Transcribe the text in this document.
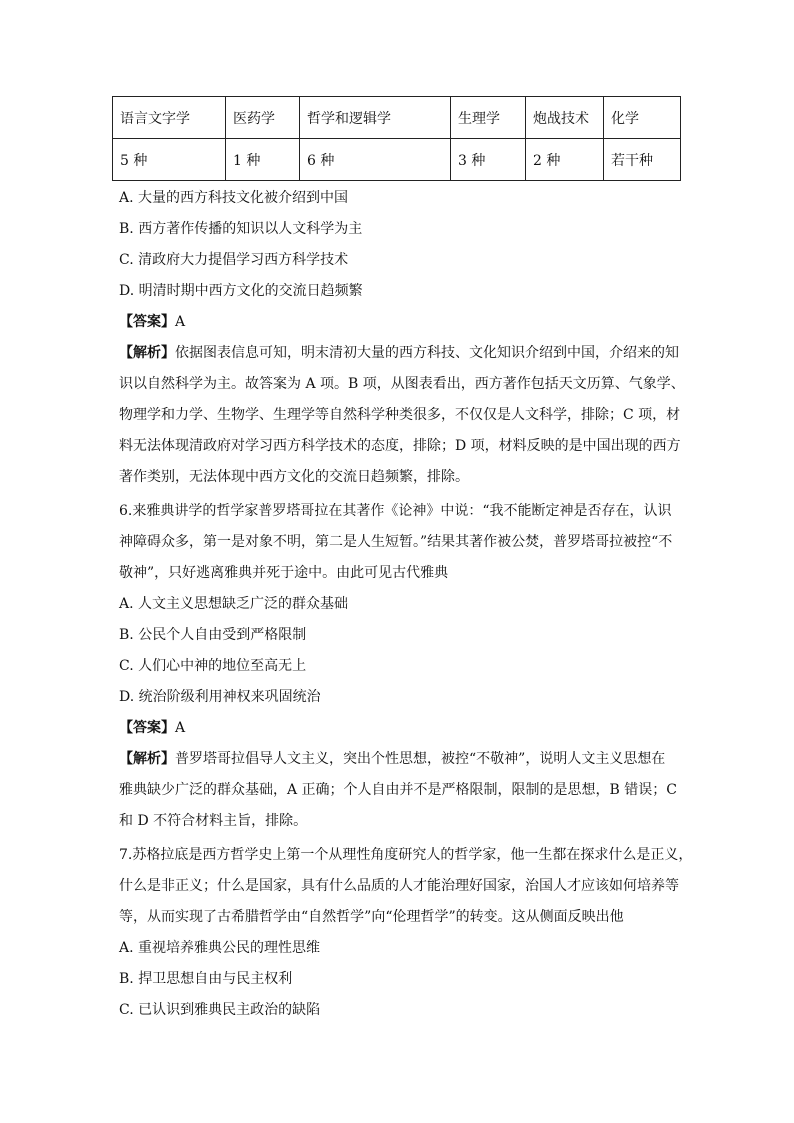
语言文字学	医药学	哲学和逻辑学	生理学	炮战技术	化学
5 种	1 种	6 种	3 种	2 种	若干种
A. 大量的西方科技文化被介绍到中国
B. 西方著作传播的知识以人文科学为主
C. 清政府大力提倡学习西方科学技术
D. 明清时期中西方文化的交流日趋频繁
【答案】A
【解析】依据图表信息可知，明末清初大量的西方科技、文化知识介绍到中国，介绍来的知
识以自然科学为主。故答案为 A 项。B 项，从图表看出，西方著作包括天文历算、气象学、
物理学和力学、生物学、生理学等自然科学种类很多，不仅仅是人文科学，排除；C 项，材
料无法体现清政府对学习西方科学技术的态度，排除；D 项，材料反映的是中国出现的西方
著作类别，无法体现中西方文化的交流日趋频繁，排除。
6.来雅典讲学的哲学家普罗塔哥拉在其著作《论神》中说：“我不能断定神是否存在，认识
神障碍众多，第一是对象不明，第二是人生短暂。”结果其著作被公焚，普罗塔哥拉被控“不
敬神”，只好逃离雅典并死于途中。由此可见古代雅典
A. 人文主义思想缺乏广泛的群众基础
B. 公民个人自由受到严格限制
C. 人们心中神的地位至高无上
D. 统治阶级利用神权来巩固统治
【答案】A
【解析】普罗塔哥拉倡导人文主义，突出个性思想，被控“不敬神”，说明人文主义思想在
雅典缺少广泛的群众基础，A 正确；个人自由并不是严格限制，限制的是思想，B 错误；C
和 D 不符合材料主旨，排除。
7.苏格拉底是西方哲学史上第一个从理性角度研究人的哲学家，他一生都在探求什么是正义，
什么是非正义；什么是国家，具有什么品质的人才能治理好国家，治国人才应该如何培养等
等，从而实现了古希腊哲学由“自然哲学”向“伦理哲学”的转变。这从侧面反映出他
A. 重视培养雅典公民的理性思维
B. 捍卫思想自由与民主权利
C. 已认识到雅典民主政治的缺陷
